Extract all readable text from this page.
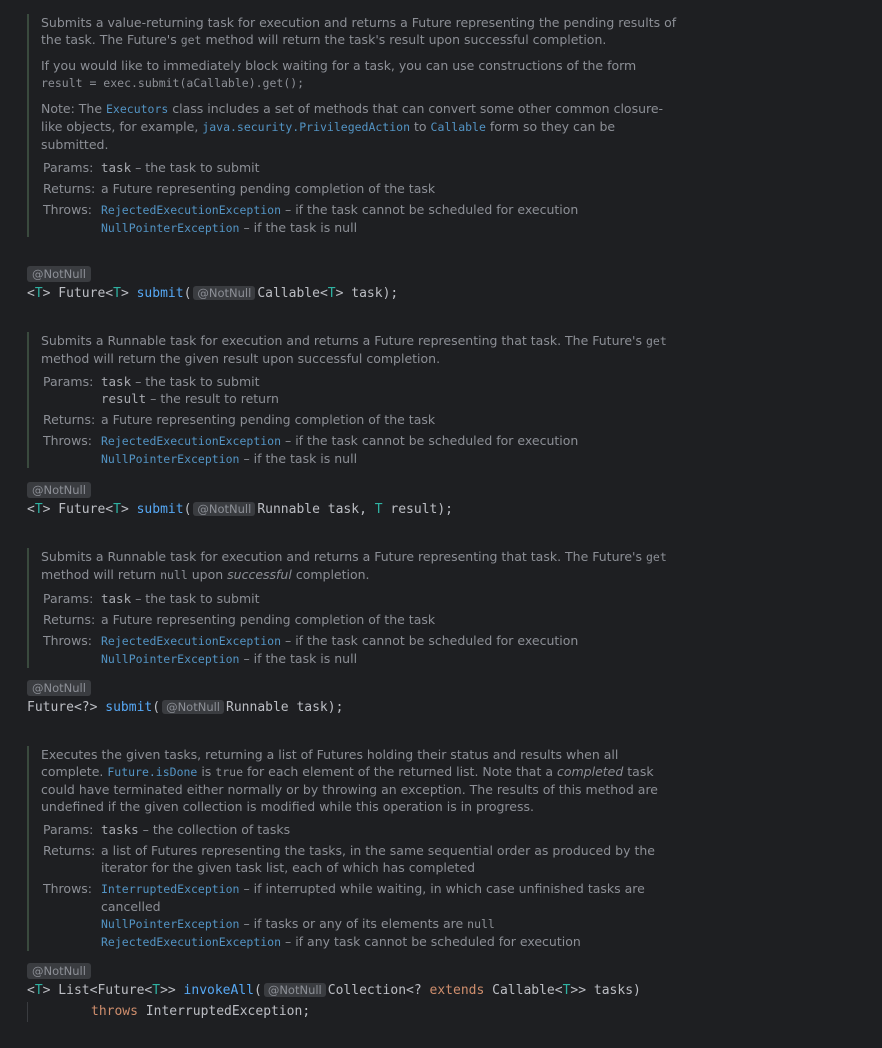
Submits a value-returning task for execution and returns a Future representing the pending results of the task. The Future's get method will return the task's result upon successful completion.

If you would like to immediately block waiting for a task, you can use constructions of the form
result = exec.submit(aCallable).get();

Note: The Executors class includes a set of methods that can convert some other common closure-like objects, for example, java.security.PrivilegedAction to Callable form so they can be submitted.

Params: task – the task to submit
Returns: a Future representing pending completion of the task
Throws: RejectedExecutionException – if the task cannot be scheduled for execution
NullPointerException – if the task is null
@NotNull
<T> Future<T> submit( @NotNull Callable<T> task);

Submits a Runnable task for execution and returns a Future representing that task. The Future's get method will return the given result upon successful completion.

Params: task – the task to submit
result – the result to return
Returns: a Future representing pending completion of the task
Throws: RejectedExecutionException – if the task cannot be scheduled for execution
NullPointerException – if the task is null
@NotNull
<T> Future<T> submit( @NotNull Runnable task, T result);

Submits a Runnable task for execution and returns a Future representing that task. The Future's get method will return null upon successful completion.

Params: task – the task to submit
Returns: a Future representing pending completion of the task
Throws: RejectedExecutionException – if the task cannot be scheduled for execution
NullPointerException – if the task is null
@NotNull
Future<?> submit( @NotNull Runnable task);

Executes the given tasks, returning a list of Futures holding their status and results when all complete. Future.isDone is true for each element of the returned list. Note that a completed task could have terminated either normally or by throwing an exception. The results of this method are undefined if the given collection is modified while this operation is in progress.

Params: tasks – the collection of tasks
Returns: a list of Futures representing the tasks, in the same sequential order as produced by the iterator for the given task list, each of which has completed
Throws: InterruptedException – if interrupted while waiting, in which case unfinished tasks are cancelled
NullPointerException – if tasks or any of its elements are null
RejectedExecutionException – if any task cannot be scheduled for execution
@NotNull
<T> List<Future<T>> invokeAll( @NotNull Collection<? extends Callable<T>> tasks)
throws InterruptedException;
